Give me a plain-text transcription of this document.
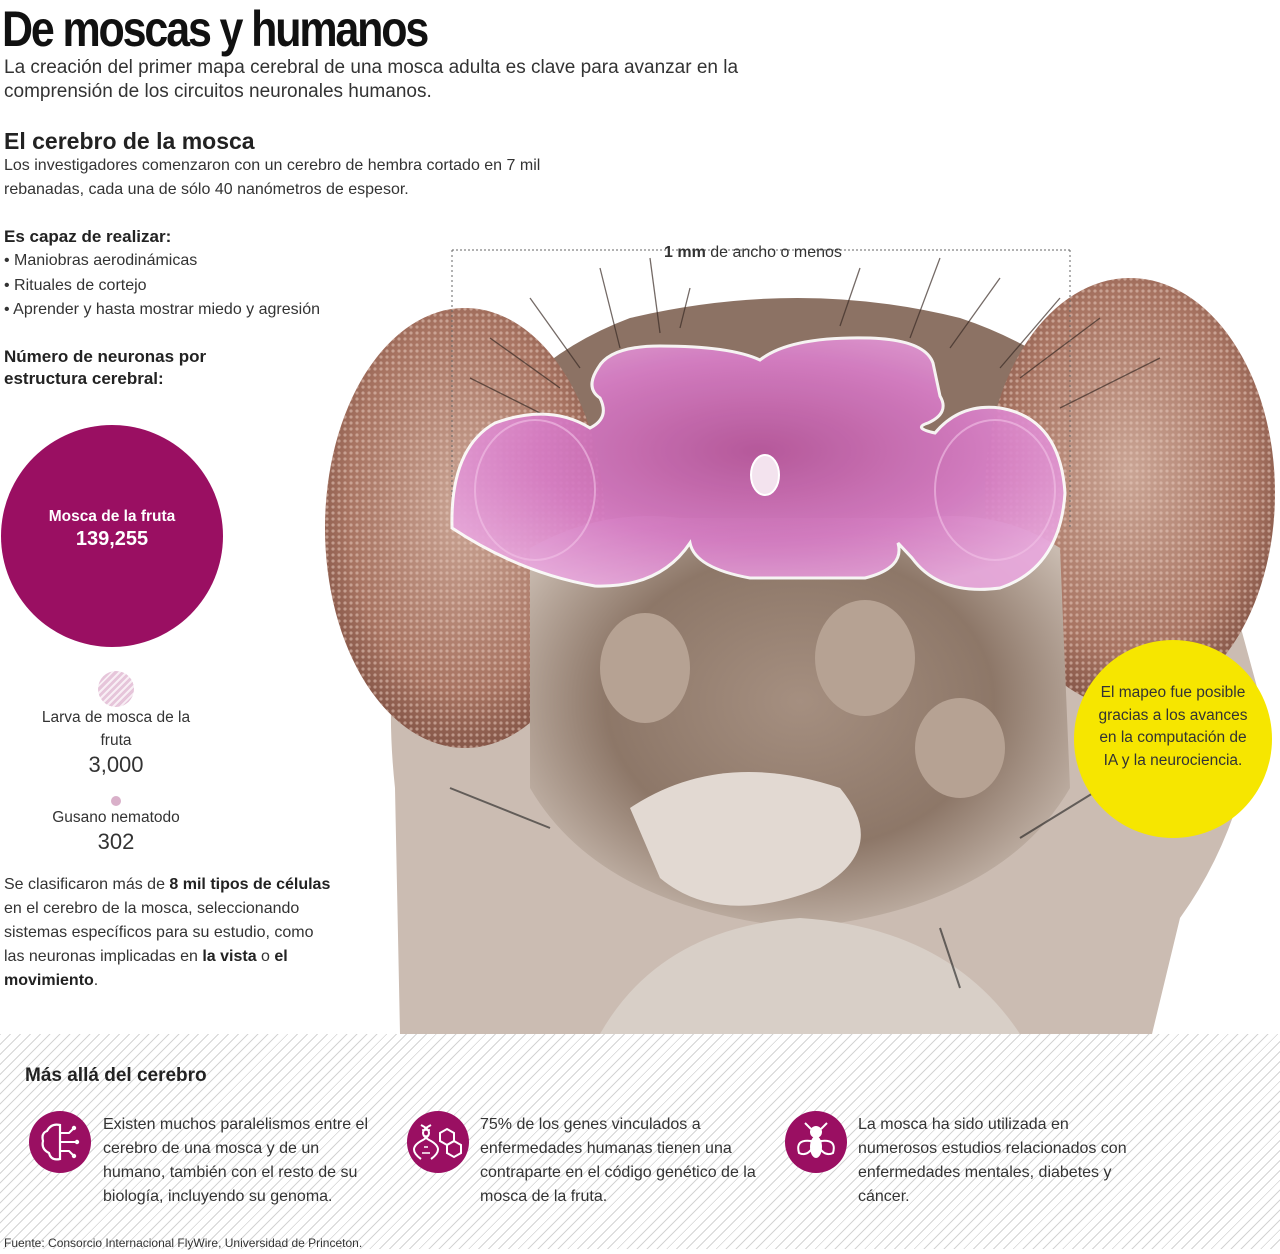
De moscas y humanos
La creación del primer mapa cerebral de una mosca adulta es clave para avanzar en la comprensión de los circuitos neuronales humanos.
El cerebro de la mosca
Los investigadores comenzaron con un cerebro de hembra cortado en 7 mil rebanadas, cada una de sólo 40 nanómetros de espesor.
Es capaz de realizar:
• Maniobras aerodinámicas
• Rituales de cortejo
• Aprender y hasta mostrar miedo y agresión
Número de neuronas por estructura cerebral:
Mosca de la fruta
139,255
Larva de mosca de la fruta
3,000
Gusano nematodo
302
Se clasificaron más de 8 mil tipos de células en el cerebro de la mosca, seleccionando sistemas específicos para su estudio, como las neuronas implicadas en la vista o el movimiento.
1 mm de ancho o menos
El mapeo fue posible gracias a los avances en la computación de IA y la neurociencia.
Más allá del cerebro
Existen muchos paralelismos entre el cerebro de una mosca y de un humano, también con el resto de su biología, incluyendo su genoma.
75% de los genes vinculados a enfermedades humanas tienen una contraparte en el código genético de la mosca de la fruta.
La mosca ha sido utilizada en numerosos estudios relacionados con enfermedades mentales, diabetes y cáncer.
Fuente: Consorcio Internacional FlyWire, Universidad de Princeton.
